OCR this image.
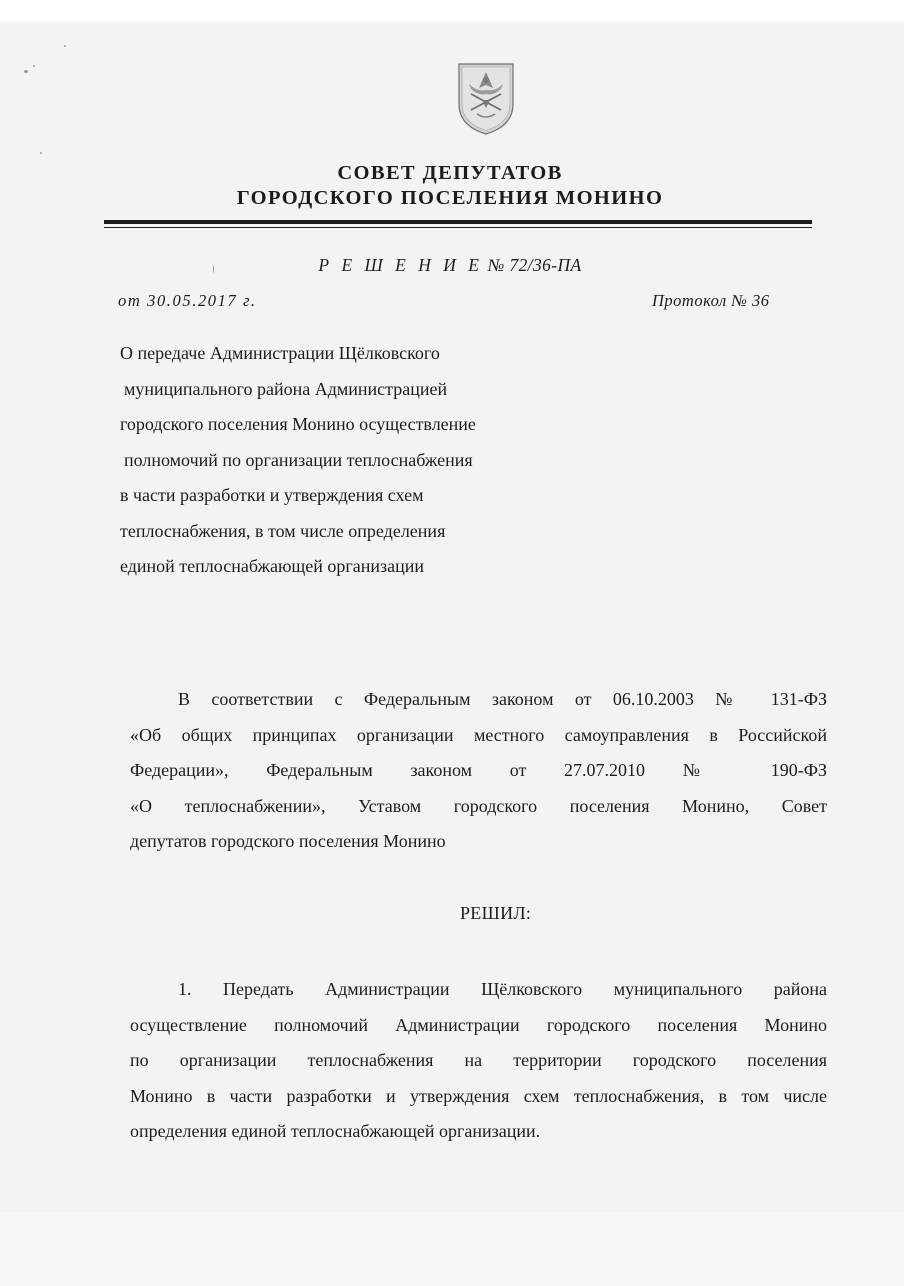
СОВЕТ ДЕПУТАТОВ
ГОРОДСКОГО ПОСЕЛЕНИЯ МОНИНО
Р Е Ш Е Н И Е № 72/36-ПА
от 30.05.2017 г.	Протокол № 36
О передаче Администрации Щёлковского
муниципального района Администрацией
городского поселения Монино осуществление
полномочий по организации теплоснабжения
в части разработки и утверждения схем
теплоснабжения, в том числе определения
единой теплоснабжающей организации
В соответствии с Федеральным законом от 06.10.2003 № 131-ФЗ
«Об общих принципах организации местного самоуправления в Российской
Федерации», Федеральным законом от 27.07.2010 № 190-ФЗ
«О теплоснабжении», Уставом городского поселения Монино, Совет
депутатов городского поселения Монино
РЕШИЛ:
1. Передать Администрации Щёлковского муниципального района
осуществление полномочий Администрации городского поселения Монино
по организации теплоснабжения на территории городского поселения
Монино в части разработки и утверждения схем теплоснабжения, в том числе
определения единой теплоснабжающей организации.
